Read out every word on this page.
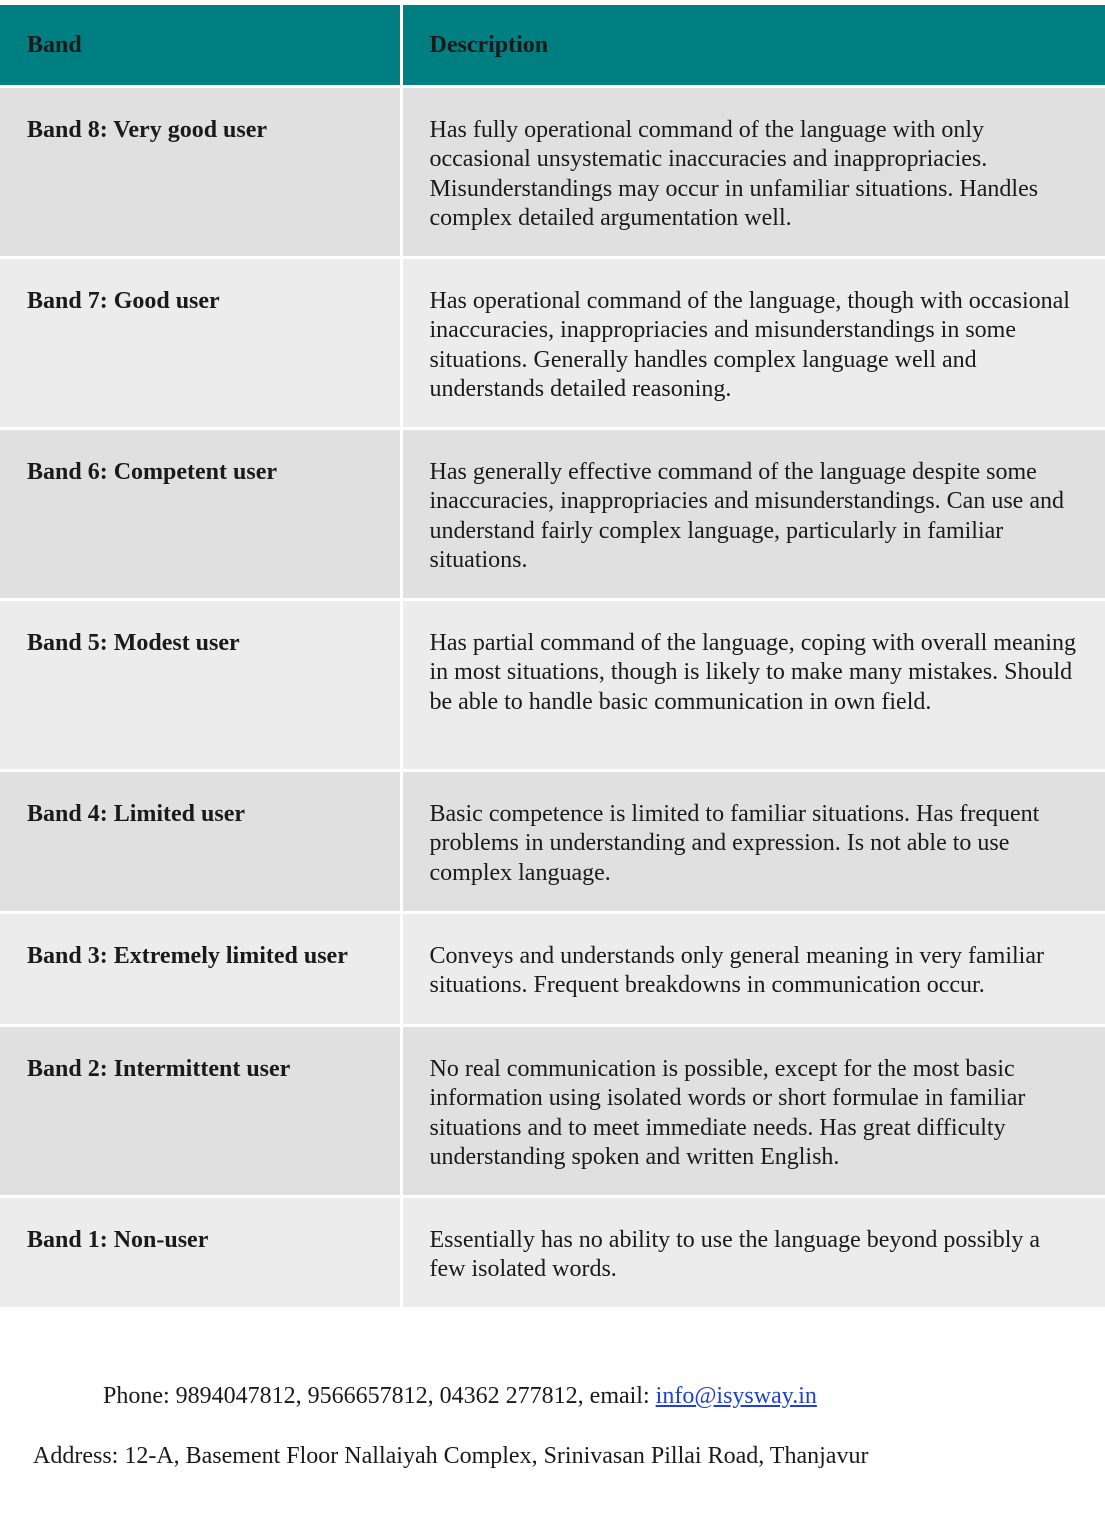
Band	Description
Band 8: Very good user	Has fully operational command of the language with only occasional unsystematic inaccuracies and inappropriacies. Misunderstandings may occur in unfamiliar situations. Handles complex detailed argumentation well.
Band 7: Good user	Has operational command of the language, though with occasional inaccuracies, inappropriacies and misunderstandings in some situations. Generally handles complex language well and understands detailed reasoning.
Band 6: Competent user	Has generally effective command of the language despite some inaccuracies, inappropriacies and misunderstandings. Can use and understand fairly complex language, particularly in familiar situations.
Band 5: Modest user	Has partial command of the language, coping with overall meaning in most situations, though is likely to make many mistakes. Should be able to handle basic communication in own field.
Band 4: Limited user	Basic competence is limited to familiar situations. Has frequent problems in understanding and expression. Is not able to use complex language.
Band 3: Extremely limited user	Conveys and understands only general meaning in very familiar situations. Frequent breakdowns in communication occur.
Band 2: Intermittent user	No real communication is possible, except for the most basic information using isolated words or short formulae in familiar situations and to meet immediate needs. Has great difficulty understanding spoken and written English.
Band 1: Non-user	Essentially has no ability to use the language beyond possibly a few isolated words.
Phone: 9894047812, 9566657812, 04362 277812, email: info@isysway.in
Address: 12-A, Basement Floor Nallaiyah Complex, Srinivasan Pillai Road, Thanjavur
